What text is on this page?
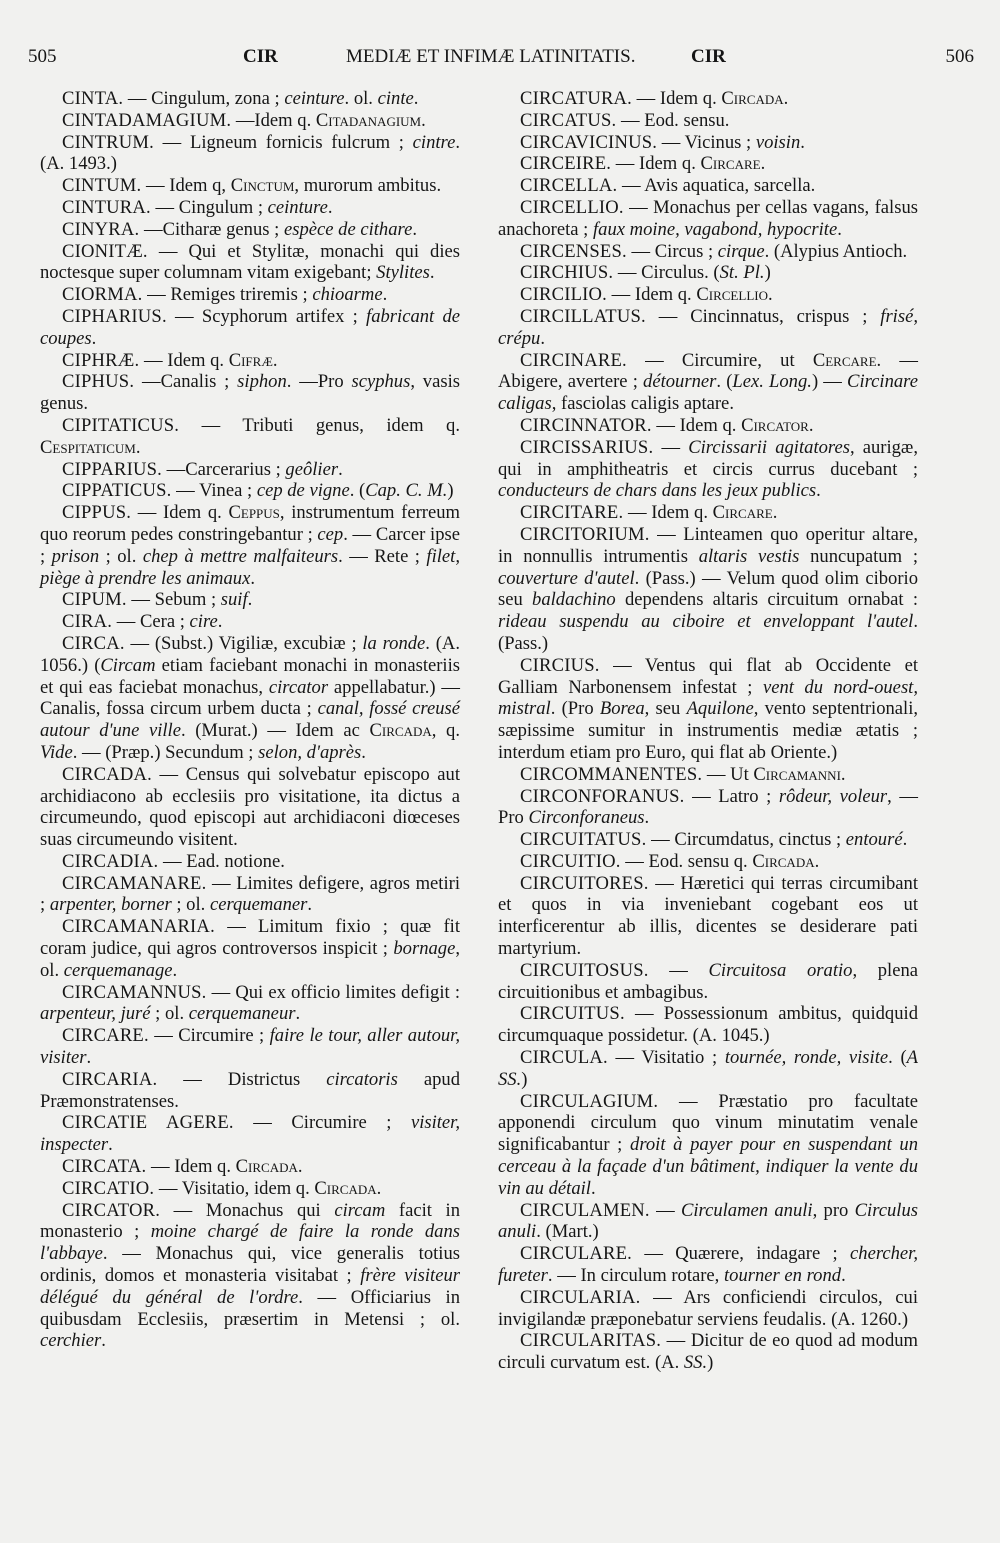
505	CIR	MEDIÆ ET INFIMÆ LATINITATIS.	CIR	506

CINTA. — Cingulum, zona ; ceinture. ol. cinte.

CINTADAMAGIUM. —Idem q. Citadanagium.

CINTRUM. — Ligneum fornicis fulcrum ; cintre. (A. 1493.)

CINTUM. — Idem q, Cinctum, murorum ambitus.

CINTURA. — Cingulum ; ceinture.

CINYRA. —Citharæ genus ; espèce de cithare.

CIONITÆ. — Qui et Stylitæ, monachi qui dies noctesque super columnam vitam exigebant; Stylites.

CIORMA. — Remiges triremis ; chioarme.

CIPHARIUS. — Scyphorum artifex ; fabricant de coupes.

CIPHRÆ. — Idem q. Cifræ.

CIPHUS. —Canalis ; siphon. —Pro scyphus, vasis genus.

CIPITATICUS. — Tributi genus, idem q. Cespitaticum.

CIPPARIUS. —Carcerarius ; geôlier.

CIPPATICUS. — Vinea ; cep de vigne. (Cap. C. M.)

CIPPUS. — Idem q. Ceppus, instrumentum ferreum quo reorum pedes constringebantur ; cep. — Carcer ipse ; prison ; ol. chep à mettre malfaiteurs. — Rete ; filet, piège à prendre les animaux.

CIPUM. — Sebum ; suif.

CIRA. — Cera ; cire.

CIRCA. — (Subst.) Vigiliæ, excubiæ ; la ronde. (A. 1056.) (Circam etiam faciebant monachi in monasteriis et qui eas faciebat monachus, circator appellabatur.) — Canalis, fossa circum urbem ducta ; canal, fossé creusé autour d'une ville. (Murat.) — Idem ac Circada, q. Vide. — (Præp.) Secundum ; selon, d'après.

CIRCADA. — Census qui solvebatur episcopo aut archidiacono ab ecclesiis pro visitatione, ita dictus a circumeundo, quod episcopi aut archidiaconi diœceses suas circumeundo visitent.

CIRCADIA. — Ead. notione.

CIRCAMANARE. — Limites defigere, agros metiri ; arpenter, borner ; ol. cerquemaner.

CIRCAMANARIA. — Limitum fixio ; quæ fit coram judice, qui agros controversos inspicit ; bornage, ol. cerquemanage.

CIRCAMANNUS. — Qui ex officio limites defigit : arpenteur, juré ; ol. cerquemaneur.

CIRCARE. — Circumire ; faire le tour, aller autour, visiter.

CIRCARIA. — Districtus circatoris apud Præmonstratenses.

CIRCATIE AGERE. — Circumire ; visiter, inspecter.

CIRCATA. — Idem q. Circada.

CIRCATIO. — Visitatio, idem q. Circada.

CIRCATOR. — Monachus qui circam facit in monasterio ; moine chargé de faire la ronde dans l'abbaye. — Monachus qui, vice generalis totius ordinis, domos et monasteria visitabat ; frère visiteur délégué du général de l'ordre. — Officiarius in quibusdam Ecclesiis, præsertim in Metensi ; ol. cerchier.

CIRCATURA. — Idem q. Circada.

CIRCATUS. — Eod. sensu.

CIRCAVICINUS. — Vicinus ; voisin.

CIRCEIRE. — Idem q. Circare.

CIRCELLA. — Avis aquatica, sarcella.

CIRCELLIO. — Monachus per cellas vagans, falsus anachoreta ; faux moine, vagabond, hypocrite.

CIRCENSES. — Circus ; cirque. (Alypius Antioch.

CIRCHIUS. — Circulus. (St. Pl.)

CIRCILIO. — Idem q. Circellio.

CIRCILLATUS. — Cincinnatus, crispus ; frisé, crépu.

CIRCINARE. — Circumire, ut Cercare. — Abigere, avertere ; détourner. (Lex. Long.) — Circinare caligas, fasciolas caligis aptare.

CIRCINNATOR. — Idem q. Circator.

CIRCISSARIUS. — Circissarii agitatores, aurigæ, qui in amphitheatris et circis currus ducebant ; conducteurs de chars dans les jeux publics.

CIRCITARE. — Idem q. Circare.

CIRCITORIUM. — Linteamen quo operitur altare, in nonnullis intrumentis altaris vestis nuncupatum ; couverture d'autel. (Pass.) — Velum quod olim ciborio seu baldachino dependens altaris circuitum ornabat : rideau suspendu au ciboire et enveloppant l'autel. (Pass.)

CIRCIUS. — Ventus qui flat ab Occidente et Galliam Narbonensem infestat ; vent du nord-ouest, mistral. (Pro Borea, seu Aquilone, vento septentrionali, sæpissime sumitur in instrumentis mediæ ætatis ; interdum etiam pro Euro, qui flat ab Oriente.)

CIRCOMMANENTES. — Ut Circamanni.

CIRCONFORANUS. — Latro ; rôdeur, voleur, —Pro Circonforaneus.

CIRCUITATUS. — Circumdatus, cinctus ; entouré.

CIRCUITIO. — Eod. sensu q. Circada.

CIRCUITORES. — Hæretici qui terras circumibant et quos in via inveniebant cogebant eos ut interficerentur ab illis, dicentes se desiderare pati martyrium.

CIRCUITOSUS. — Circuitosa oratio, plena circuitionibus et ambagibus.

CIRCUITUS. — Possessionum ambitus, quidquid circumquaque possidetur. (A. 1045.)

CIRCULA. — Visitatio ; tournée, ronde, visite. (A SS.)

CIRCULAGIUM. — Præstatio pro facultate apponendi circulum quo vinum minutatim venale significabantur ; droit à payer pour en suspendant un cerceau à la façade d'un bâtiment, indiquer la vente du vin au détail.

CIRCULAMEN. — Circulamen anuli, pro Circulus anuli. (Mart.)

CIRCULARE. — Quærere, indagare ; chercher, fureter. — In circulum rotare, tourner en rond.

CIRCULARIA. — Ars conficiendi circulos, cui invigilandæ præponebatur serviens feudalis. (A. 1260.)

CIRCULARITAS. — Dicitur de eo quod ad modum circuli curvatum est. (A. SS.)
